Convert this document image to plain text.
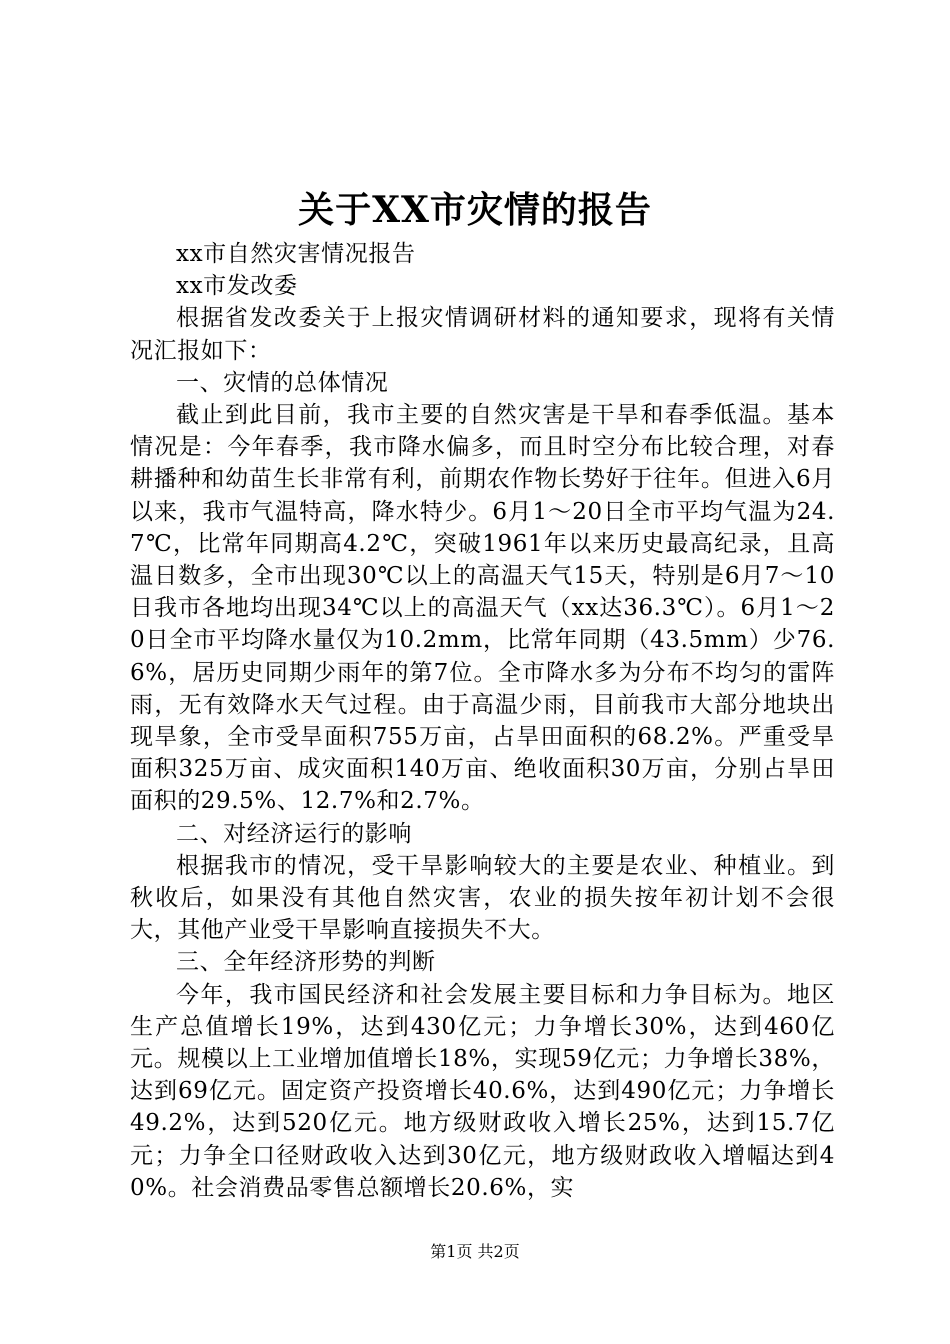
关于XX市灾情的报告

xx市自然灾害情况报告

xx市发改委

根据省发改委关于上报灾情调研材料的通知要求，现将有关情况汇报如下：

一、灾情的总体情况

截止到此目前，我市主要的自然灾害是干旱和春季低温。基本情况是：今年春季，我市降水偏多，而且时空分布比较合理，对春耕播种和幼苗生长非常有利，前期农作物长势好于往年。但进入6月以来，我市气温特高，降水特少。6月1～20日全市平均气温为24.7℃，比常年同期高4.2℃，突破1961年以来历史最高纪录，且高温日数多，全市出现30℃以上的高温天气15天，特别是6月7～10日我市各地均出现34℃以上的高温天气（xx达36.3℃）。6月1～20日全市平均降水量仅为10.2mm，比常年同期（43.5mm）少76.6%，居历史同期少雨年的第7位。全市降水多为分布不均匀的雷阵雨，无有效降水天气过程。由于高温少雨，目前我市大部分地块出现旱象，全市受旱面积755万亩，占旱田面积的68.2%。严重受旱面积325万亩、成灾面积140万亩、绝收面积30万亩，分别占旱田面积的29.5%、12.7%和2.7%。

二、对经济运行的影响

根据我市的情况，受干旱影响较大的主要是农业、种植业。到秋收后，如果没有其他自然灾害，农业的损失按年初计划不会很大，其他产业受干旱影响直接损失不大。

三、全年经济形势的判断

今年，我市国民经济和社会发展主要目标和力争目标为。地区生产总值增长19%，达到430亿元；力争增长30%，达到460亿元。规模以上工业增加值增长18%，实现59亿元；力争增长38%，达到69亿元。固定资产投资增长40.6%，达到490亿元；力争增长49.2%，达到520亿元。地方级财政收入增长25%，达到15.7亿元；力争全口径财政收入达到30亿元，地方级财政收入增幅达到40%。社会消费品零售总额增长20.6%，实

第1页 共2页
